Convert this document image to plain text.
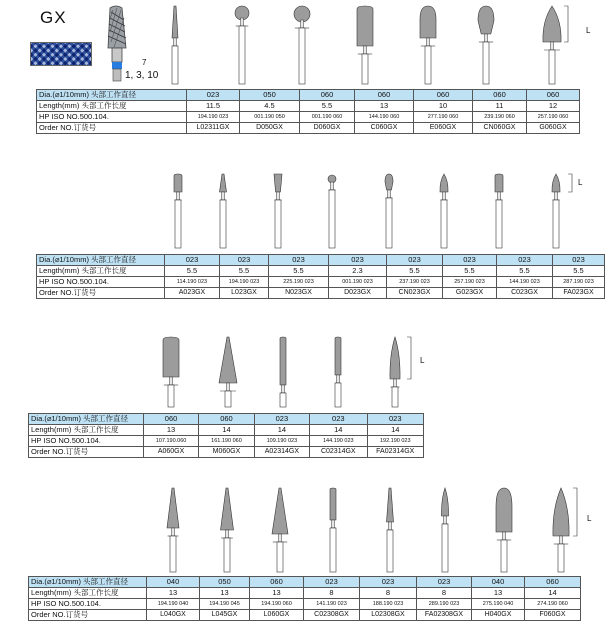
GX
7
1, 3, 10
L
L
L
L
Dia.(⌀1/10mm) 头部工作直径	023	050	060	060	060	060	060
Length(mm) 头部工作长度	11.5	4.5	5.5	13	10	11	12
HP ISO NO.500.104.	194.190 023	001.190 050	001.190 060	144.190 060	277.190 060	239.190 060	257.190 060
Order NO.订货号	L02311GX	D050GX	D060GX	C060GX	E060GX	CN060GX	G060GX
Dia.(⌀1/10mm) 头部工作直径	023	023	023	023	023	023	023	023
Length(mm) 头部工作长度	5.5	5.5	5.5	2.3	5.5	5.5	5.5	5.5
HP ISO NO.500.104.	114.190 023	194.190 023	225.190 023	001.190 023	237.190 023	257.190 023	144.190 023	287.190 023
Order NO.订货号	A023GX	L023GX	N023GX	D023GX	CN023GX	G023GX	C023GX	FA023GX
Dia.(⌀1/10mm) 头部工作直径	060	060	023	023	023
Length(mm) 头部工作长度	13	14	14	14	14
HP ISO NO.500.104.	107.190.060	161.190 060	109.190 023	144.190 023	192.190 023
Order NO.订货号	A060GX	M060GX	A02314GX	C02314GX	FA02314GX
Dia.(⌀1/10mm) 头部工作直径	040	050	060	023	023	023	040	060
Length(mm) 头部工作长度	13	13	13	8	8	8	13	14
HP ISO NO.500.104.	194.190 040	194.190 045	194.190 060	141.190 023	188.190 023	289.190 023	275.190 040	274.190 060
Order NO.订货号	L040GX	L045GX	L060GX	C02308GX	L02308GX	FA02308GX	H040GX	F060GX
